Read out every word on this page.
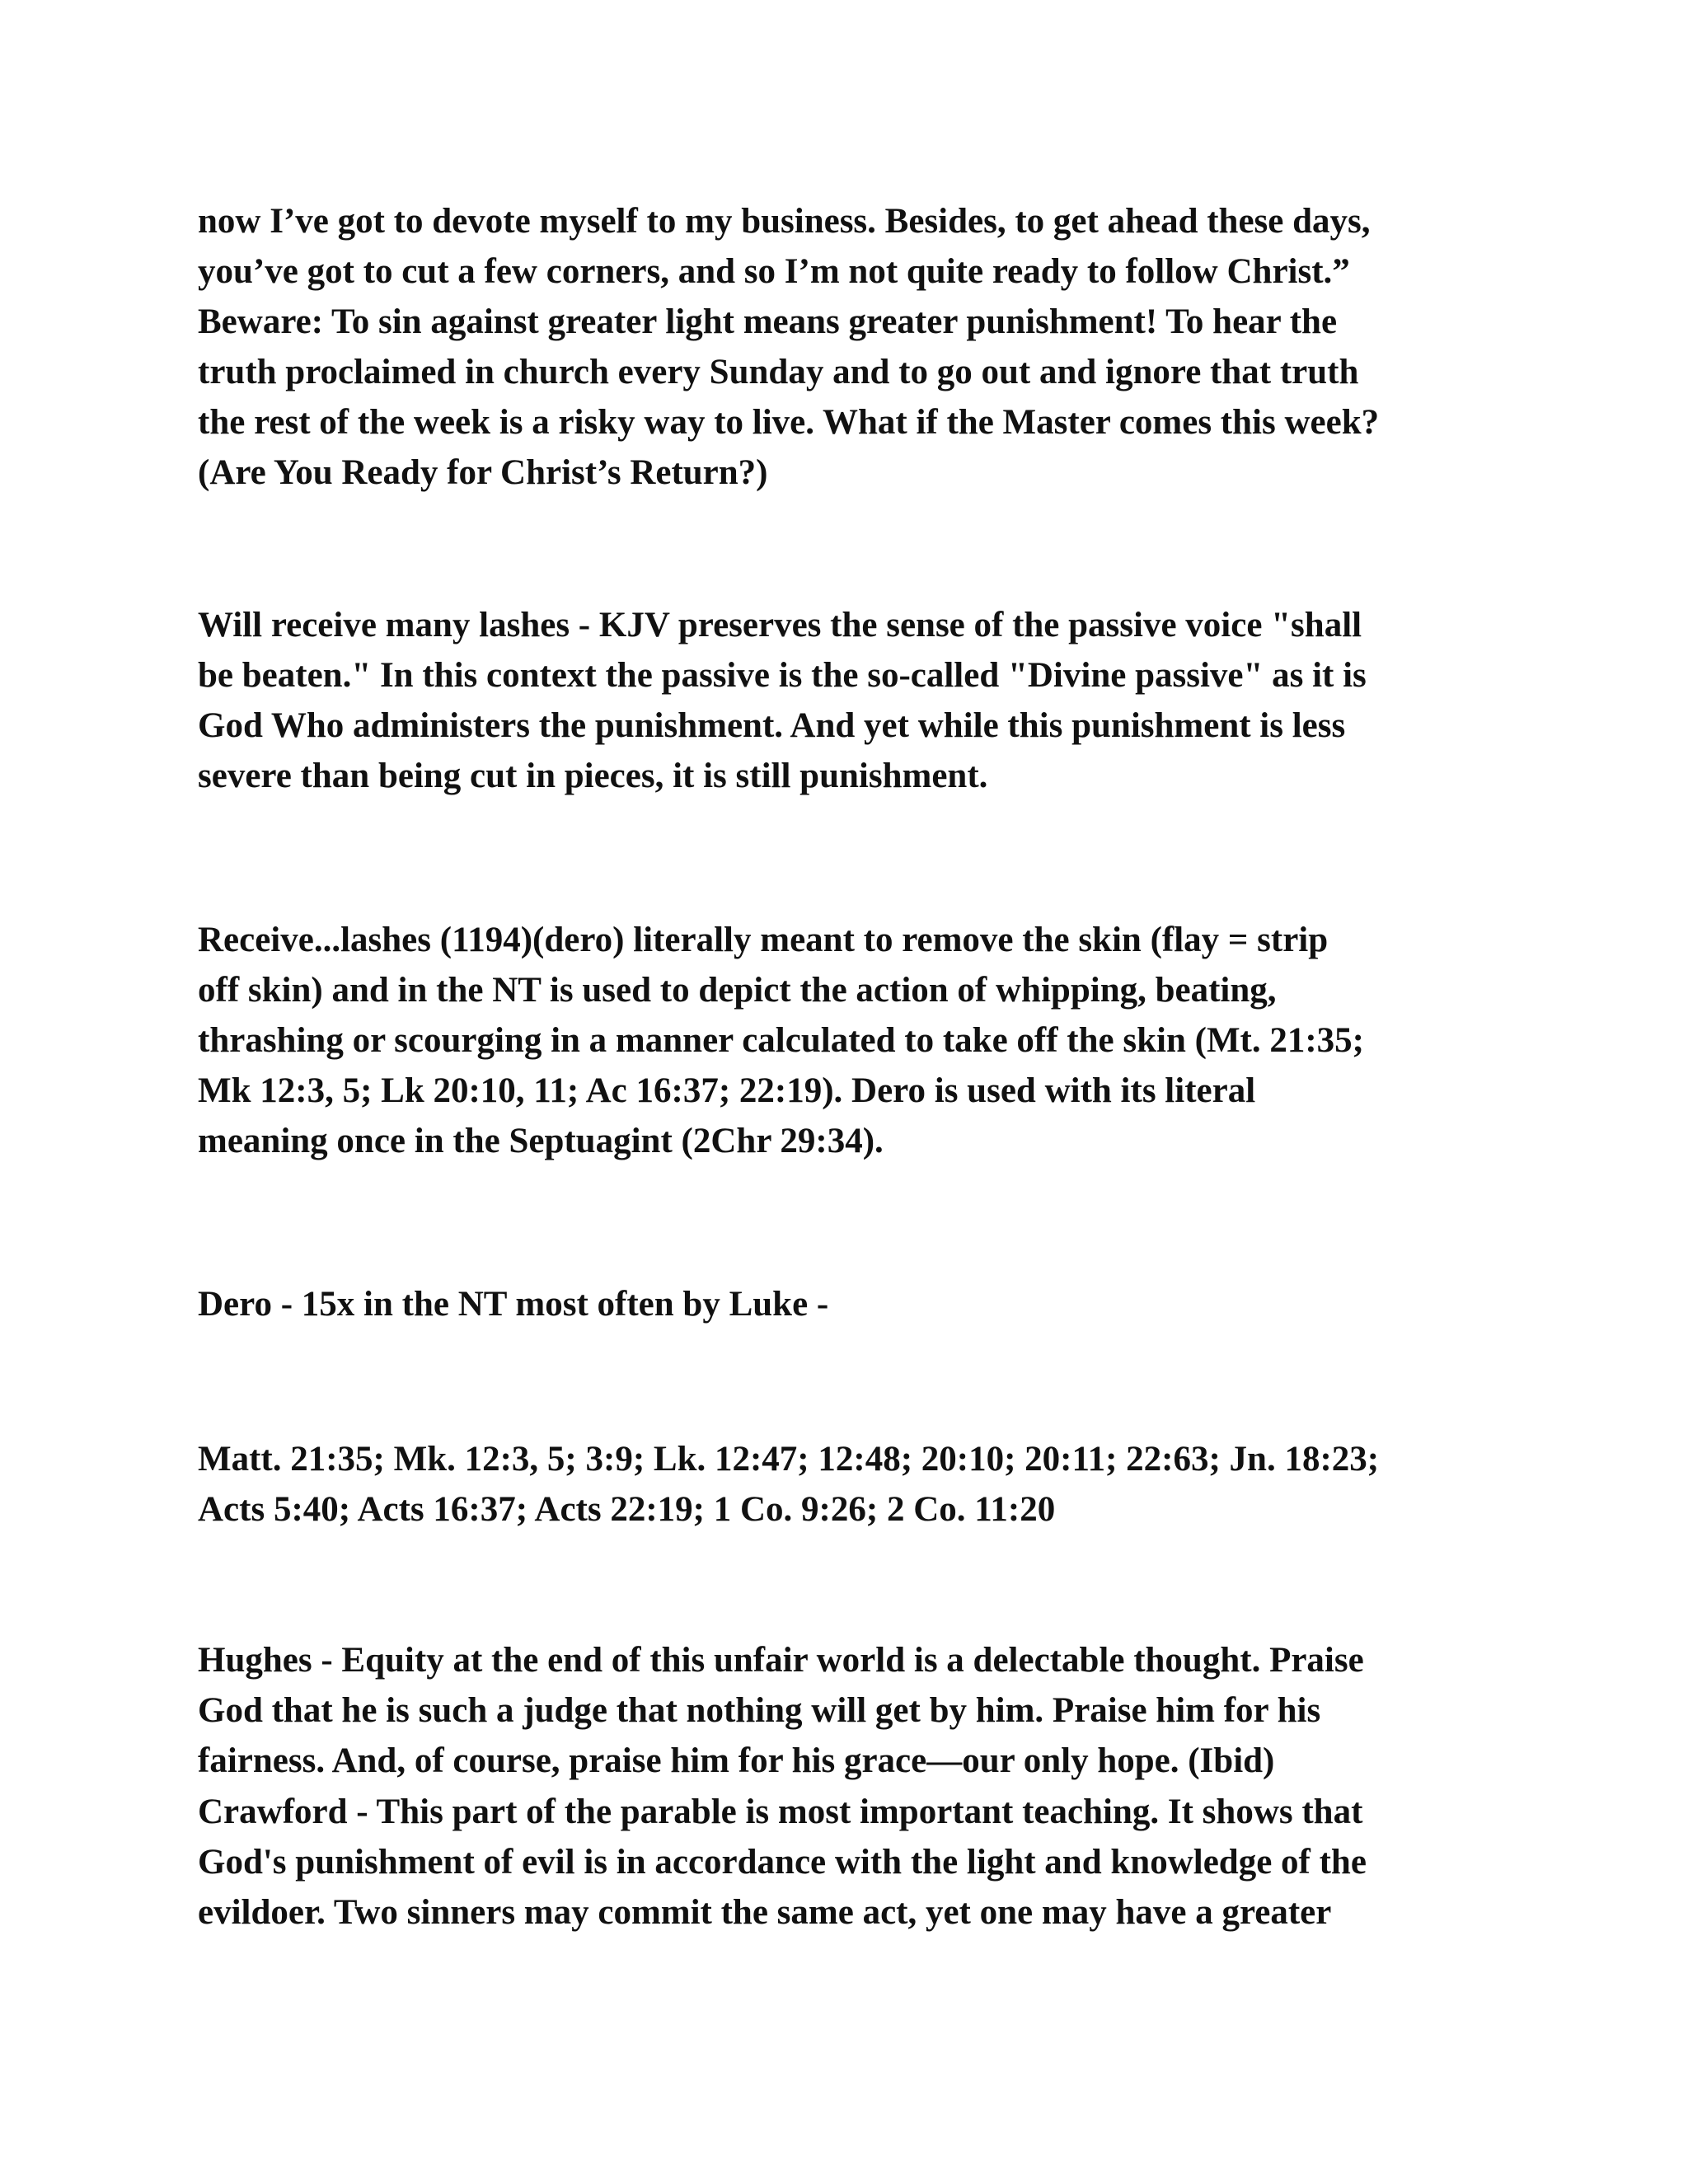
now I’ve got to devote myself to my business. Besides, to get ahead these days,
you’ve got to cut a few corners, and so I’m not quite ready to follow Christ.”
Beware: To sin against greater light means greater punishment! To hear the
truth proclaimed in church every Sunday and to go out and ignore that truth
the rest of the week is a risky way to live. What if the Master comes this week?
(Are You Ready for Christ’s Return?)

Will receive many lashes - KJV preserves the sense of the passive voice "shall
be beaten." In this context the passive is the so-called "Divine passive" as it is
God Who administers the punishment. And yet while this punishment is less
severe than being cut in pieces, it is still punishment.

Receive...lashes (1194)(dero) literally meant to remove the skin (flay = strip
off skin) and in the NT is used to depict the action of whipping, beating,
thrashing or scourging in a manner calculated to take off the skin (Mt. 21:35;
Mk 12:3, 5; Lk 20:10, 11; Ac 16:37; 22:19). Dero is used with its literal
meaning once in the Septuagint (2Chr 29:34).

Dero - 15x in the NT most often by Luke -

Matt. 21:35; Mk. 12:3, 5; 3:9; Lk. 12:47; 12:48; 20:10; 20:11; 22:63; Jn. 18:23;
Acts 5:40; Acts 16:37; Acts 22:19; 1 Co. 9:26; 2 Co. 11:20

Hughes - Equity at the end of this unfair world is a delectable thought. Praise
God that he is such a judge that nothing will get by him. Praise him for his
fairness. And, of course, praise him for his grace—our only hope. (Ibid)

Crawford - This part of the parable is most important teaching. It shows that
God's punishment of evil is in accordance with the light and knowledge of the
evildoer. Two sinners may commit the same act, yet one may have a greater
